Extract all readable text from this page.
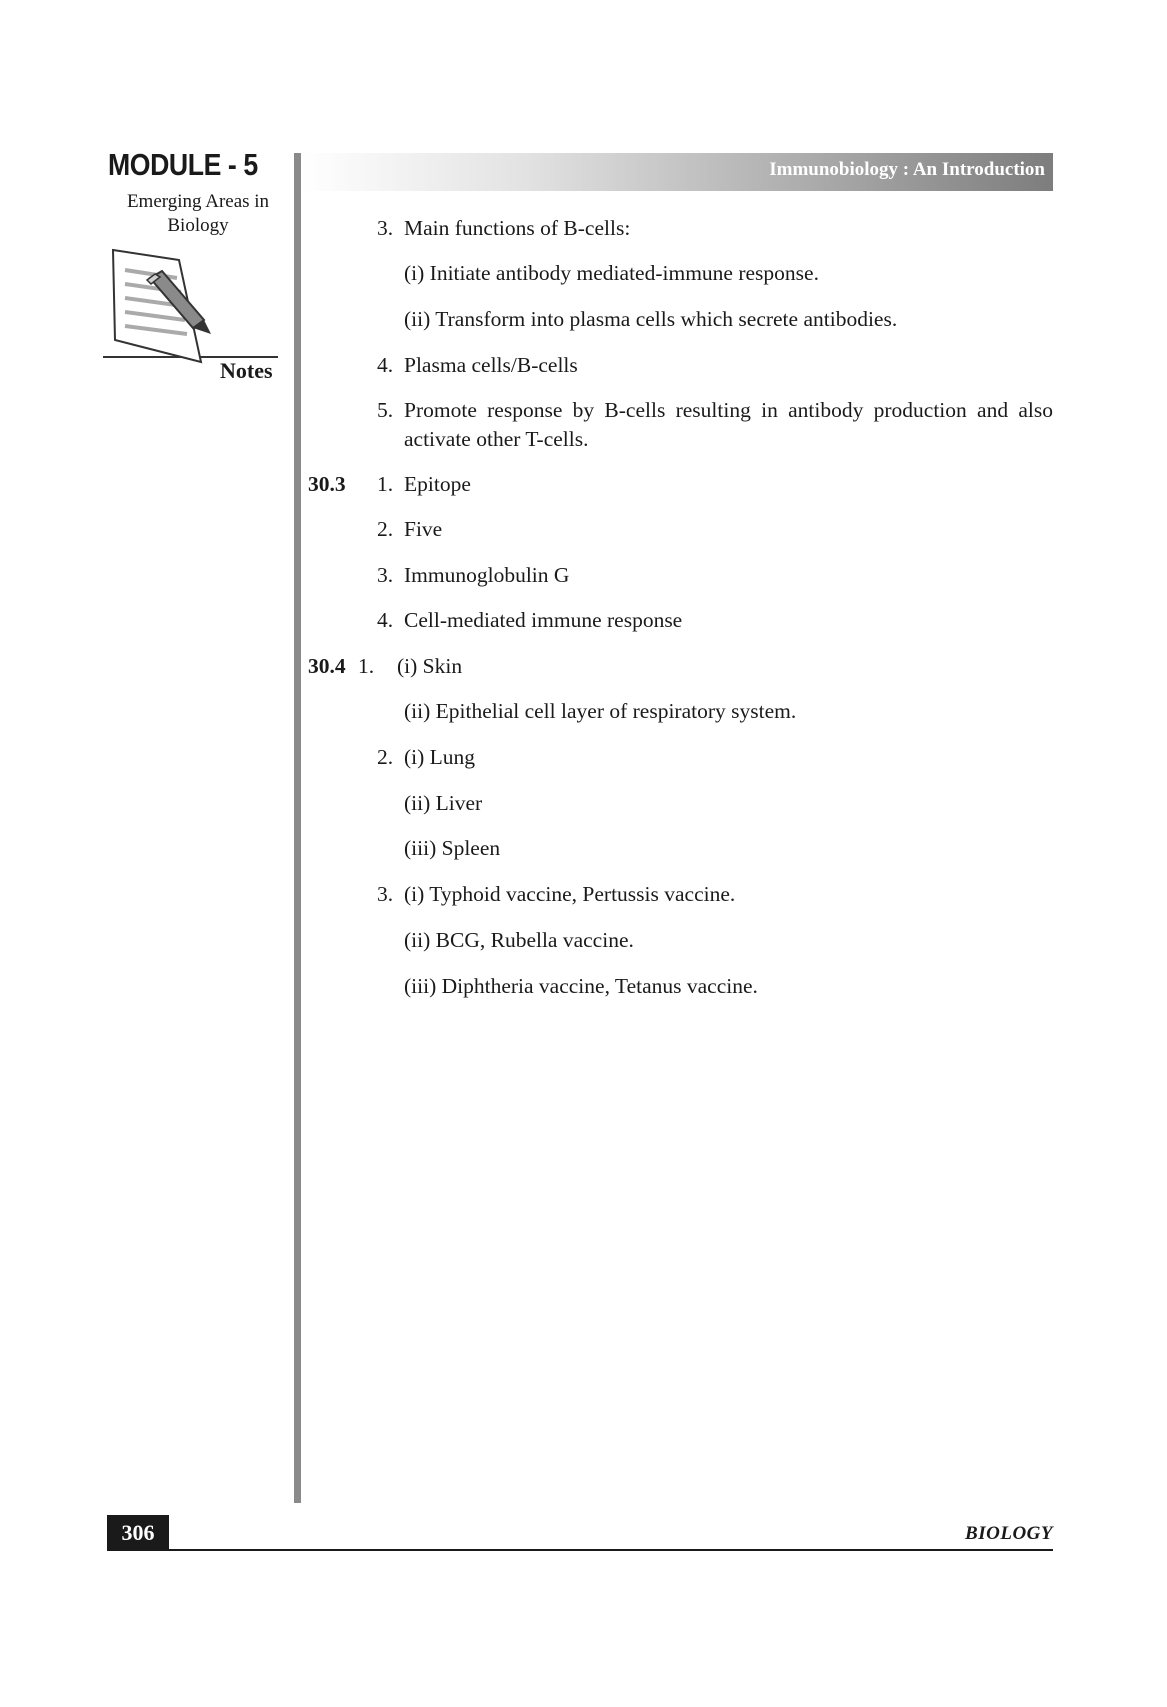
MODULE - 5
Emerging Areas in Biology
Notes
Immunobiology : An Introduction
3. Main functions of B-cells:
(i) Initiate antibody mediated-immune response.
(ii) Transform into plasma cells which secrete antibodies.
4. Plasma cells/B-cells
5. Promote response by B-cells resulting in antibody production and also activate other T-cells.
30.3 1. Epitope
2. Five
3. Immunoglobulin G
4. Cell-mediated immune response
30.4 1. (i) Skin
(ii) Epithelial cell layer of respiratory system.
2. (i) Lung
(ii) Liver
(iii) Spleen
3. (i) Typhoid vaccine, Pertussis vaccine.
(ii) BCG, Rubella vaccine.
(iii) Diphtheria vaccine, Tetanus vaccine.
306	BIOLOGY
